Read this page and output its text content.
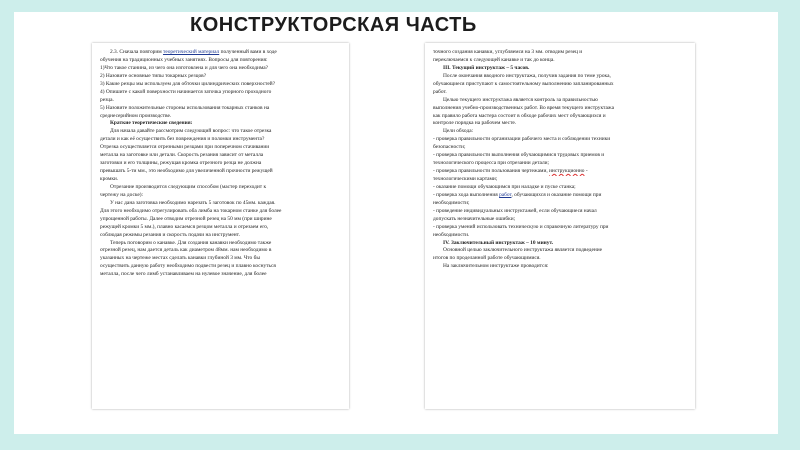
КОНСТРУКТОРСКАЯ ЧАСТЬ
2.3. Сначала повторим теоретический материал полученный вами в ходе
обучения на традиционных учебных занятиях. Вопросы для повторения:
1)Что такое станина, из чего она изготовлена и для чего она необходима?
2) Назовите основные типы токарных резцов?
3) Какие резцы мы используем для обточки цилиндрических поверхностей?
4) Опишите с какой поверхности начинается заточка упорного проходного
резца.
5) Назовите положительные стороны использования токарных станков на
среднесерийном производстве.
Краткие теоретические сведения:
Для начала давайте рассмотрим следующий вопрос: что такое отрезка
детали и как её осуществить без повреждения и поломки инструмента?
Отрезка осуществляется отрезными резцами при поперечном стачивании
металла на заготовке или детали. Скорость резания зависит от металла
заготовки и его толщины, режущая кромка отрезного резца не должна
превышать 5-ти мм., это необходимо для увеличенной прочности режущей
кромки.
Отрезание производится следующим способом (мастер переходит к
чертежу на доске):
У нас дана заготовка необходимо нарезать 5 заготовок по 45мм. каждая.
Для этого необходимо отрегулировать оба лимба на токарном станке для более
упрощенной работы. Далее отводим отрезной резец на 50 мм (при ширине
режущей кромки 5 мм.), плавно касаемся резцом металла и отрезаем его,
соблюдая режимы резания и скорость подачи на инструмент.
Теперь поговорим о канавке. Для создания канавки необходимо также
отрезной резец, нам дается деталь как диаметром 48мм. нам необходимо в
указанных на чертеже местах сделать канавки глубиной 3 мм. Что бы
осуществить данную работу необходимо подвести резец и плавно коснуться
металла, после чего лимб устанавливаем на нулевое значение, для более
точного создания канавки, углубляемся на 3 мм. отводим резец и
переключаемся к следующей канавке и так до конца.
III. Текущий инструктаж – 5 часов.
После окончания вводного инструктажа, получив задания по теме урока,
обучающиеся приступают к самостоятельному выполнению запланированных
работ.
Целью текущего инструктажа является контроль за правильностью
выполнения учебно-производственных работ. Во время текущего инструктажа
как правило работа мастера состоит в обходе рабочих мест обучающихся и
контроле порядка на рабочем месте.
Цели обхода:
- проверка правильности организации рабочего места и соблюдении техники
безопасности;
- проверка правильности выполнения обучающимися трудовых приемов и
технологического процесса при отрезании детали;
- проверка правильности пользования чертежами, инструкционно -
технологическими картами;
- оказание помощи обучающимся при наладке и пуске станка;
- проверка хода выполнения работ, обучающихся и оказание помощи при
необходимости;
- проведение индивидуальных инструктажей, если обучающиеся начал
допускать незначительные ошибки;
- проверка умений использовать техническую и справочную литературу при
необходимости.
IV. Заключительный инструктаж – 10 минут.
Основной целью заключительного инструктажа является подведение
итогов по проделанной работе обучающимися.
На заключительном инструктаже проводится:
